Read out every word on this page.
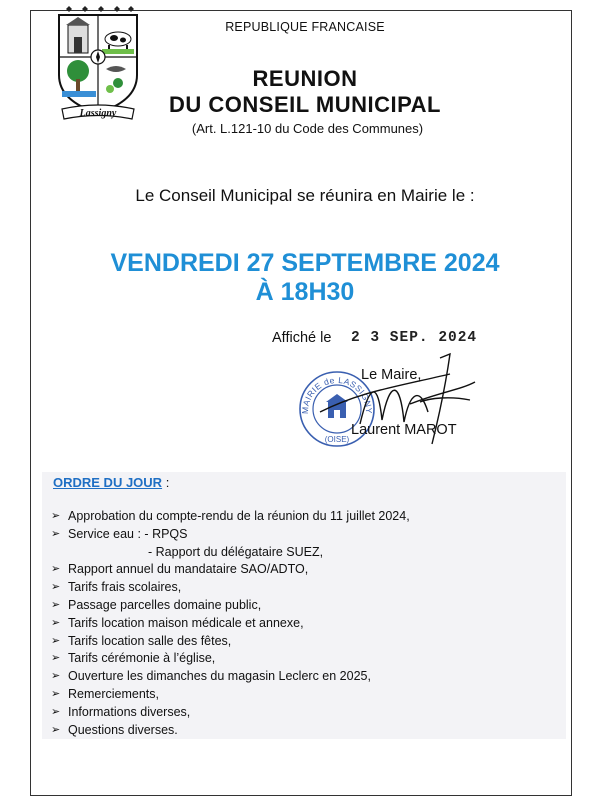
Lassigny
REPUBLIQUE FRANCAISE
REUNION
DU CONSEIL MUNICIPAL
(Art. L.121-10 du Code des Communes)
Le Conseil Municipal se réunira en Mairie le :
VENDREDI 27 SEPTEMBRE 2024
À 18H30
Affiché le 2 3 SEP. 2024
MAIRIE de LASSIGNY
(OISE)
Le Maire,
Laurent MAROT
ORDRE DU JOUR :
➢ Approbation du compte-rendu de la réunion du 11 juillet 2024,
➢ Service eau : - RPQS
- Rapport du délégataire SUEZ,
➢ Rapport annuel du mandataire SAO/ADTO,
➢ Tarifs frais scolaires,
➢ Passage parcelles domaine public,
➢ Tarifs location maison médicale et annexe,
➢ Tarifs location salle des fêtes,
➢ Tarifs cérémonie à l’église,
➢ Ouverture les dimanches du magasin Leclerc en 2025,
➢ Remerciements,
➢ Informations diverses,
➢ Questions diverses.
